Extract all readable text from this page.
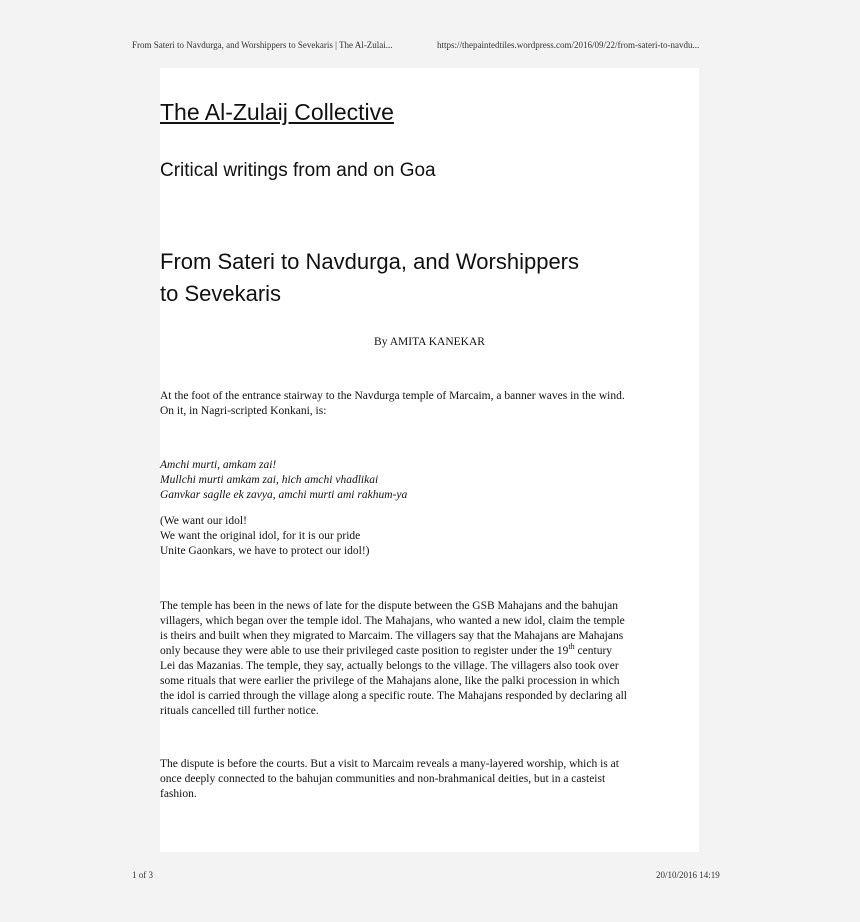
From Sateri to Navdurga, and Worshippers to Sevekaris | The Al-Zulai...	https://thepaintedtiles.wordpress.com/2016/09/22/from-sateri-to-navdu...
The Al-Zulaij Collective
Critical writings from and on Goa
From Sateri to Navdurga, and Worshippers
to Sevekaris
By AMITA KANEKAR
At the foot of the entrance stairway to the Navdurga temple of Marcaim, a banner waves in the wind.
On it, in Nagri-scripted Konkani, is:
Amchi murti, amkam zai!
Mullchi murti amkam zai, hich amchi vhadlikai
Ganvkar saglle ek zavya, amchi murti ami rakhum-ya
(We want our idol!
We want the original idol, for it is our pride
Unite Gaonkars, we have to protect our idol!)
The temple has been in the news of late for the dispute between the GSB Mahajans and the bahujan
villagers, which began over the temple idol. The Mahajans, who wanted a new idol, claim the temple
is theirs and built when they migrated to Marcaim. The villagers say that the Mahajans are Mahajans
only because they were able to use their privileged caste position to register under the 19th century
Lei das Mazanias. The temple, they say, actually belongs to the village. The villagers also took over
some rituals that were earlier the privilege of the Mahajans alone, like the palki procession in which
the idol is carried through the village along a specific route. The Mahajans responded by declaring all
rituals cancelled till further notice.
The dispute is before the courts. But a visit to Marcaim reveals a many-layered worship, which is at
once deeply connected to the bahujan communities and non-brahmanical deities, but in a casteist
fashion.
1 of 3	20/10/2016 14:19
